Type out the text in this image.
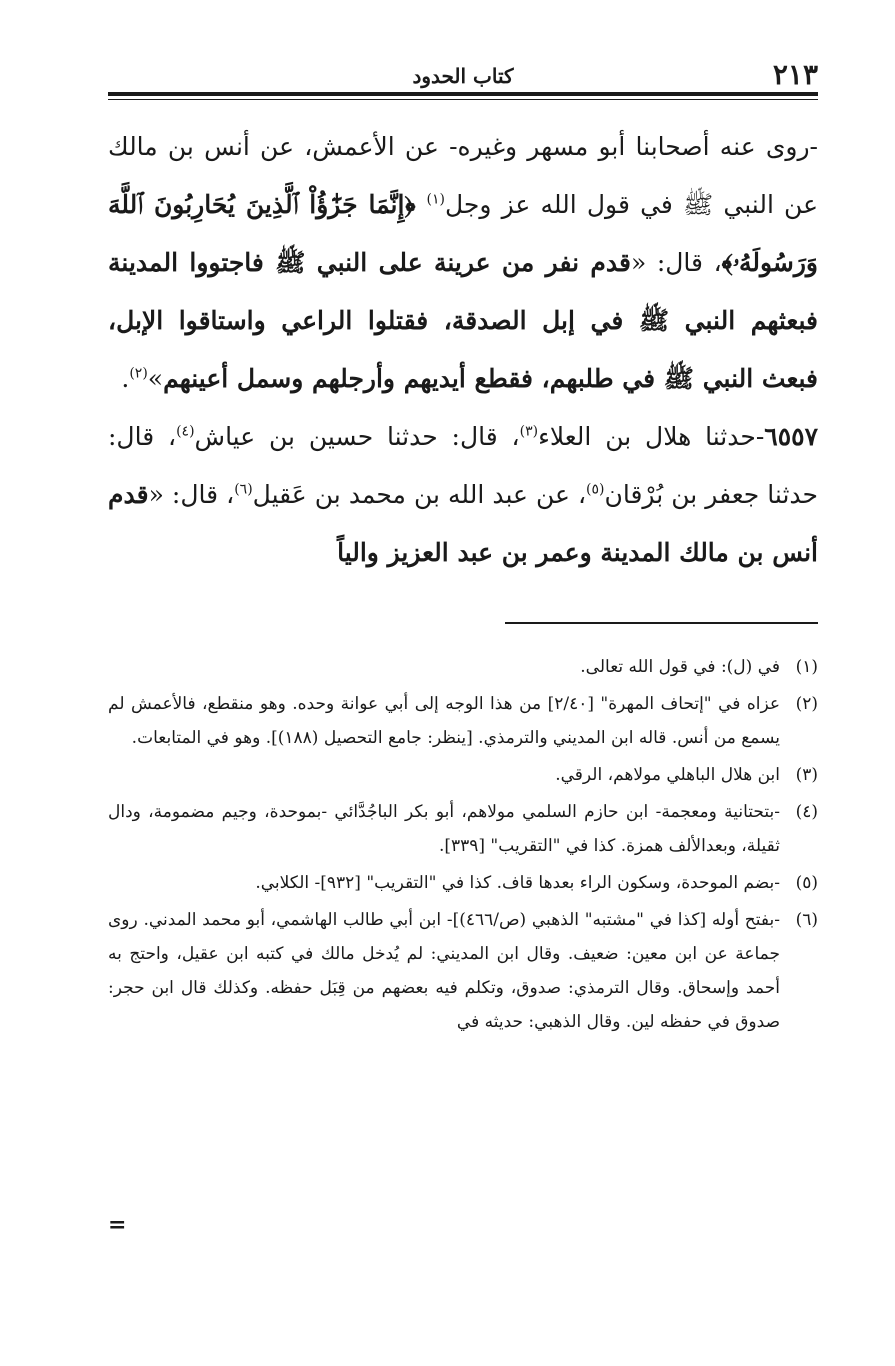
٢١٣
كتاب الحدود

-روى عنه أصحابنا أبو مسهر وغيره- عن الأعمش، عن أنس بن مالك عن النبي ﷺ في قول الله عز وجل$^{(١)}$ ﴿إِنَّمَا جَزَٰٓؤُاْ ٱلَّذِينَ يُحَارِبُونَ ٱللَّهَ وَرَسُولَهُۥ﴾، قال: «قدم نفر من عرينة على النبي ﷺ فاجتووا المدينة فبعثهم النبي ﷺ في إبل الصدقة، فقتلوا الراعي واستاقوا الإبل، فبعث النبي ﷺ في طلبهم، فقطع أيديهم وأرجلهم وسمل أعينهم»$^{(٢)}$.

٦٥٥٧-حدثنا هلال بن العلاء$^{(٣)}$، قال: حدثنا حسين بن عياش$^{(٤)}$، قال: حدثنا جعفر بن بُرْقان$^{(٥)}$، عن عبد الله بن محمد بن عَقيل$^{(٦)}$، قال: «قدم أنس بن مالك المدينة وعمر بن عبد العزيز والياً

(١)
في (ل): في قول الله تعالى.

(٢)
عزاه في "إتحاف المهرة" [٢/٤٠] من هذا الوجه إلى أبي عوانة وحده. وهو منقطع، فالأعمش لم يسمع من أنس. قاله ابن المديني والترمذي. [ينظر: جامع التحصيل (١٨٨)]. وهو في المتابعات.

(٣)
ابن هلال الباهلي مولاهم، الرقي.

(٤)
-بتحتانية ومعجمة- ابن حازم السلمي مولاهم، أبو بكر الباجُدَّائي -بموحدة، وجيم مضمومة، ودال ثقيلة، وبعدالألف همزة. كذا في "التقريب" [٣٣٩].

(٥)
-بضم الموحدة، وسكون الراء بعدها قاف. كذا في "التقريب" [٩٣٢]- الكلابي.

(٦)
-بفتح أوله [كذا في "مشتبه" الذهبي (ص/٤٦٦)]- ابن أبي طالب الهاشمي، أبو محمد المدني. روى جماعة عن ابن معين: ضعيف. وقال ابن المديني: لم يُدخل مالك في كتبه ابن عقيل، واحتج به أحمد وإسحاق. وقال الترمذي: صدوق، وتكلم فيه بعضهم من قِبَل حفظه. وكذلك قال ابن حجر: صدوق في حفظه لين. وقال الذهبي: حديثه في

=
